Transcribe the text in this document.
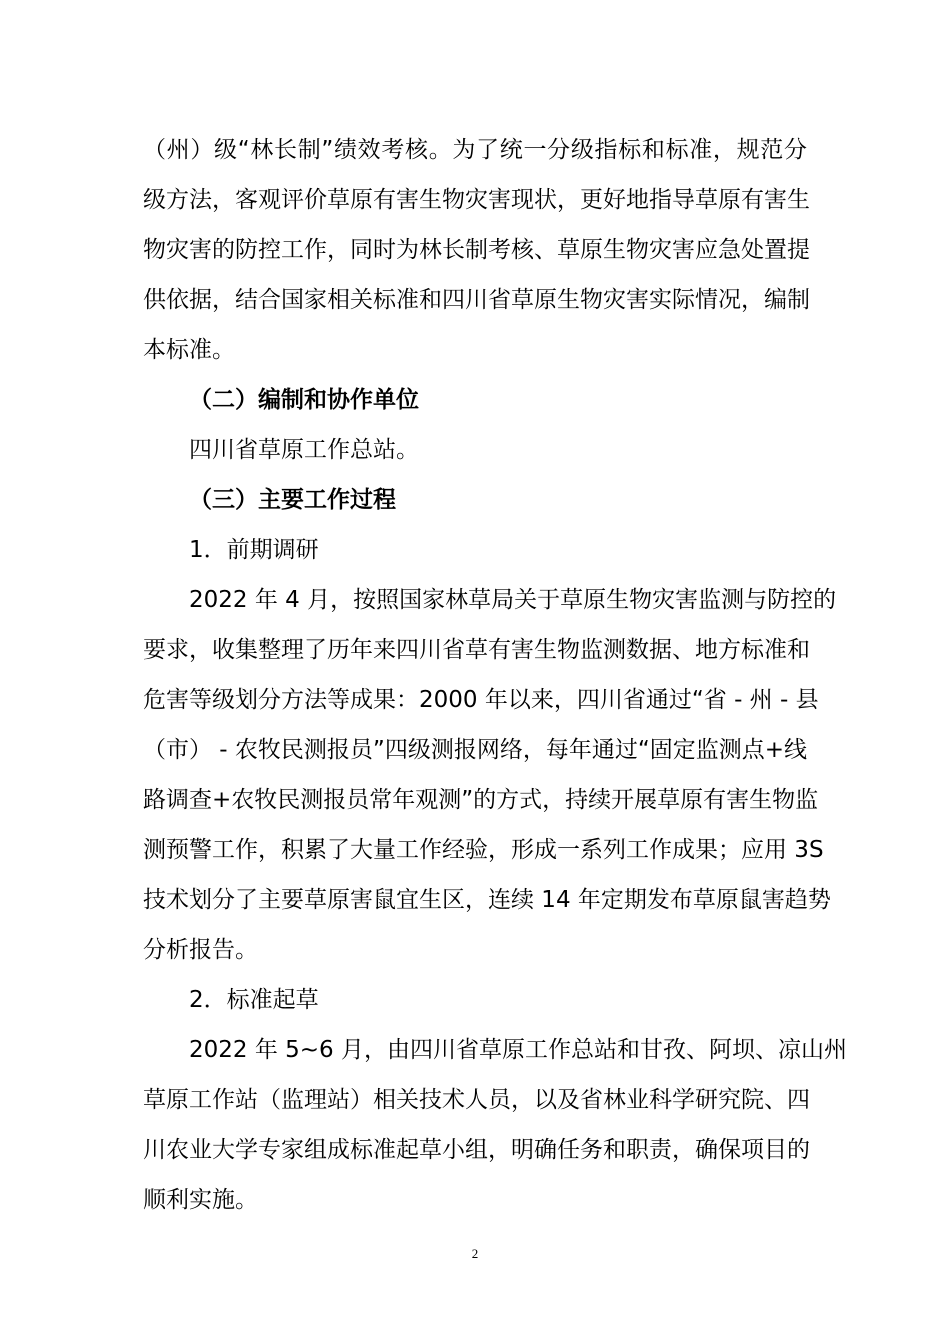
（州）级“林长制”绩效考核。为了统一分级指标和标准，规范分
级方法，客观评价草原有害生物灾害现状，更好地指导草原有害生
物灾害的防控工作，同时为林长制考核、草原生物灾害应急处置提
供依据，结合国家相关标准和四川省草原生物灾害实际情况，编制
本标准。
（二）编制和协作单位
四川省草原工作总站。
（三）主要工作过程
1．前期调研
2022 年 4 月，按照国家林草局关于草原生物灾害监测与防控的
要求，收集整理了历年来四川省草有害生物监测数据、地方标准和
危害等级划分方法等成果：2000 年以来，四川省通过“省 - 州 - 县
（市） - 农牧民测报员”四级测报网络，每年通过“固定监测点+线
路调查+农牧民测报员常年观测”的方式，持续开展草原有害生物监
测预警工作，积累了大量工作经验，形成一系列工作成果；应用 3S
技术划分了主要草原害鼠宜生区，连续 14 年定期发布草原鼠害趋势
分析报告。
2．标准起草
2022 年 5~6 月，由四川省草原工作总站和甘孜、阿坝、凉山州
草原工作站（监理站）相关技术人员，以及省林业科学研究院、四
川农业大学专家组成标准起草小组，明确任务和职责，确保项目的
顺利实施。
2
